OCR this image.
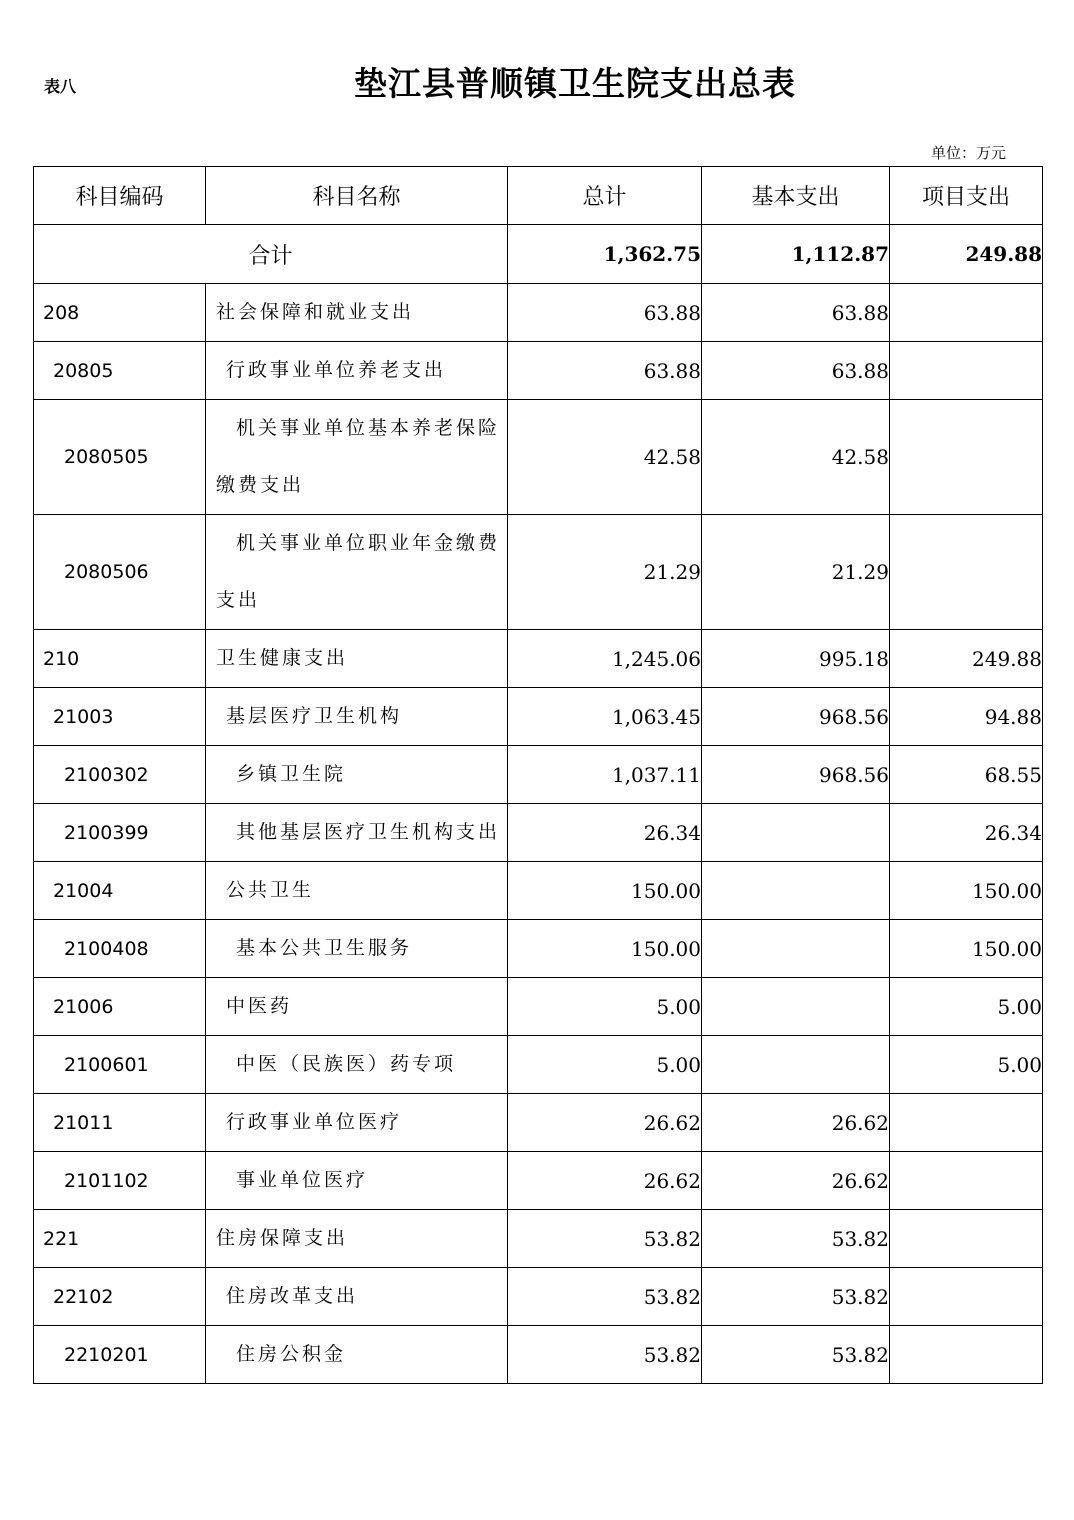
表八	垫江县普顺镇卫生院支出总表
单位：万元
科目编码	科目名称	总计	基本支出	项目支出
合计		1,362.75	1,112.87	249.88
208	社会保障和就业支出	63.88	63.88	
20805	行政事业单位养老支出	63.88	63.88	
2080505	机关事业单位基本养老保险缴费支出	42.58	42.58	
2080506	机关事业单位职业年金缴费支出	21.29	21.29	
210	卫生健康支出	1,245.06	995.18	249.88
21003	基层医疗卫生机构	1,063.45	968.56	94.88
2100302	乡镇卫生院	1,037.11	968.56	68.55
2100399	其他基层医疗卫生机构支出	26.34		26.34
21004	公共卫生	150.00		150.00
2100408	基本公共卫生服务	150.00		150.00
21006	中医药	5.00		5.00
2100601	中医（民族医）药专项	5.00		5.00
21011	行政事业单位医疗	26.62	26.62	
2101102	事业单位医疗	26.62	26.62	
221	住房保障支出	53.82	53.82	
22102	住房改革支出	53.82	53.82	
2210201	住房公积金	53.82	53.82	
